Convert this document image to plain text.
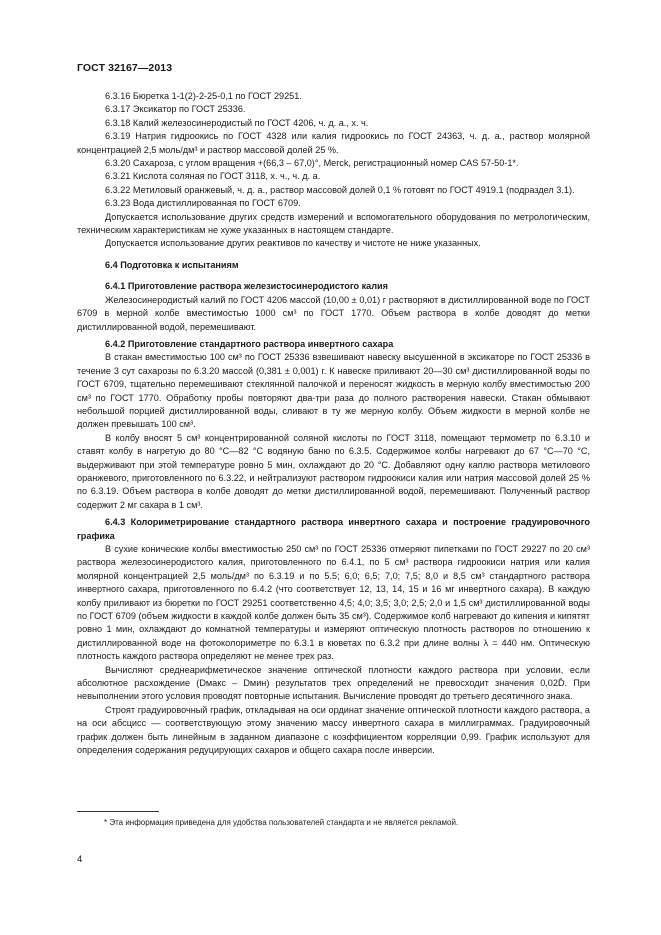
ГОСТ 32167—2013

6.3.16 Бюретка 1-1(2)-2-25-0,1 по ГОСТ 29251.

6.3.17 Эксикатор по ГОСТ 25336.

6.3.18 Калий железосинеродистый по ГОСТ 4206, ч. д. а., х. ч.

6.3.19 Натрия гидроокись по ГОСТ 4328 или калия гидроокись по ГОСТ 24363, ч. д. а., раствор молярной концентрацией 2,5 моль/дм³ и раствор массовой долей 25 %.

6.3.20 Сахароза, с углом вращения +(66,3 – 67,0)°, Merck, регистрационный номер CAS 57-50-1*.

6.3.21 Кислота соляная по ГОСТ 3118, х. ч., ч. д. а.

6.3.22 Метиловый оранжевый, ч. д. а., раствор массовой долей 0,1 % готовят по ГОСТ 4919.1 (подраздел 3.1).

6.3.23 Вода дистиллированная по ГОСТ 6709.

Допускается использование других средств измерений и вспомогательного оборудования по метрологическим, техническим характеристикам не хуже указанных в настоящем стандарте.

Допускается использование других реактивов по качеству и чистоте не ниже указанных.

6.4 Подготовка к испытаниям

6.4.1 Приготовление раствора железистосинеродистого калия

Железосинеродистый калий по ГОСТ 4206 массой (10,00 ± 0,01) г растворяют в дистиллированной воде по ГОСТ 6709 в мерной колбе вместимостью 1000 см³ по ГОСТ 1770. Объем раствора в колбе доводят до метки дистиллированной водой, перемешивают.

6.4.2 Приготовление стандартного раствора инвертного сахара

В стакан вместимостью 100 см³ по ГОСТ 25336 взвешивают навеску высушенной в эксикаторе по ГОСТ 25336 в течение 3 сут сахарозы по 6.3.20 массой (0,381 ± 0,001) г. К навеске приливают 20—30 см³ дистиллированной воды по ГОСТ 6709, тщательно перемешивают стеклянной палочкой и переносят жидкость в мерную колбу вместимостью 200 см³ по ГОСТ 1770. Обработку пробы повторяют два-три раза до полного растворения навески. Стакан обмывают небольшой порцией дистиллированной воды, сливают в ту же мерную колбу. Объем жидкости в мерной колбе не должен превышать 100 см³.

В колбу вносят 5 см³ концентрированной соляной кислоты по ГОСТ 3118, помещают термометр по 6.3.10 и ставят колбу в нагретую до 80 °С—82 °С водяную баню по 6.3.5. Содержимое колбы нагревают до 67 °С—70 °С, выдерживают при этой температуре ровно 5 мин, охлаждают до 20 °С. Добавляют одну каплю раствора метилового оранжевого, приготовленного по 6.3.22, и нейтрализуют раствором гидроокиси калия или натрия массовой долей 25 % по 6.3.19. Объем раствора в колбе доводят до метки дистиллированной водой, перемешивают. Полученный раствор содержит 2 мг сахара в 1 см³.

6.4.3 Колориметрирование стандартного раствора инвертного сахара и построение градуировочного графика

В сухие конические колбы вместимостью 250 см³ по ГОСТ 25336 отмеряют пипетками по ГОСТ 29227 по 20 см³ раствора железосинеродистого калия, приготовленного по 6.4.1, по 5 см³ раствора гидроокиси натрия или калия молярной концентрацией 2,5 моль/дм³ по 6.3.19 и по 5.5; 6,0; 6,5; 7,0; 7,5; 8,0 и 8,5 см³ стандартного раствора инвертного сахара, приготовленного по 6.4.2 (что соответствует 12, 13, 14, 15 и 16 мг инвертного сахара). В каждую колбу приливают из бюретки по ГОСТ 29251 соответственно 4,5; 4,0; 3,5; 3,0; 2,5; 2,0 и 1,5 см³ дистиллированной воды по ГОСТ 6709 (объем жидкости в каждой колбе должен быть 35 см³). Содержимое колб нагревают до кипения и кипятят ровно 1 мин, охлаждают до комнатной температуры и измеряют оптическую плотность растворов по отношению к дистиллированной воде на фотоколориметре по 6.3.1 в кюветах по 6.3.2 при длине волны λ = 440 нм. Оптическую плотность каждого раствора определяют не менее трех раз.

Вычисляют среднеарифметическое значение оптической плотности каждого раствора при условии, если абсолютное расхождение (Dмакс – Dмин) результатов трех определений не превосходит значения 0,02D̄. При невыполнении этого условия проводят повторные испытания. Вычисление проводят до третьего десятичного знака.

Строят градуировочный график, откладывая на оси ординат значение оптической плотности каждого раствора, а на оси абсцисс — соответствующую этому значению массу инвертного сахара в миллиграммах. Градуировочный график должен быть линейным в заданном диапазоне с коэффициентом корреляции 0,99. График используют для определения содержания редуцирующих сахаров и общего сахара после инверсии.

* Эта информация приведена для удобства пользователей стандарта и не является рекламой.
4
